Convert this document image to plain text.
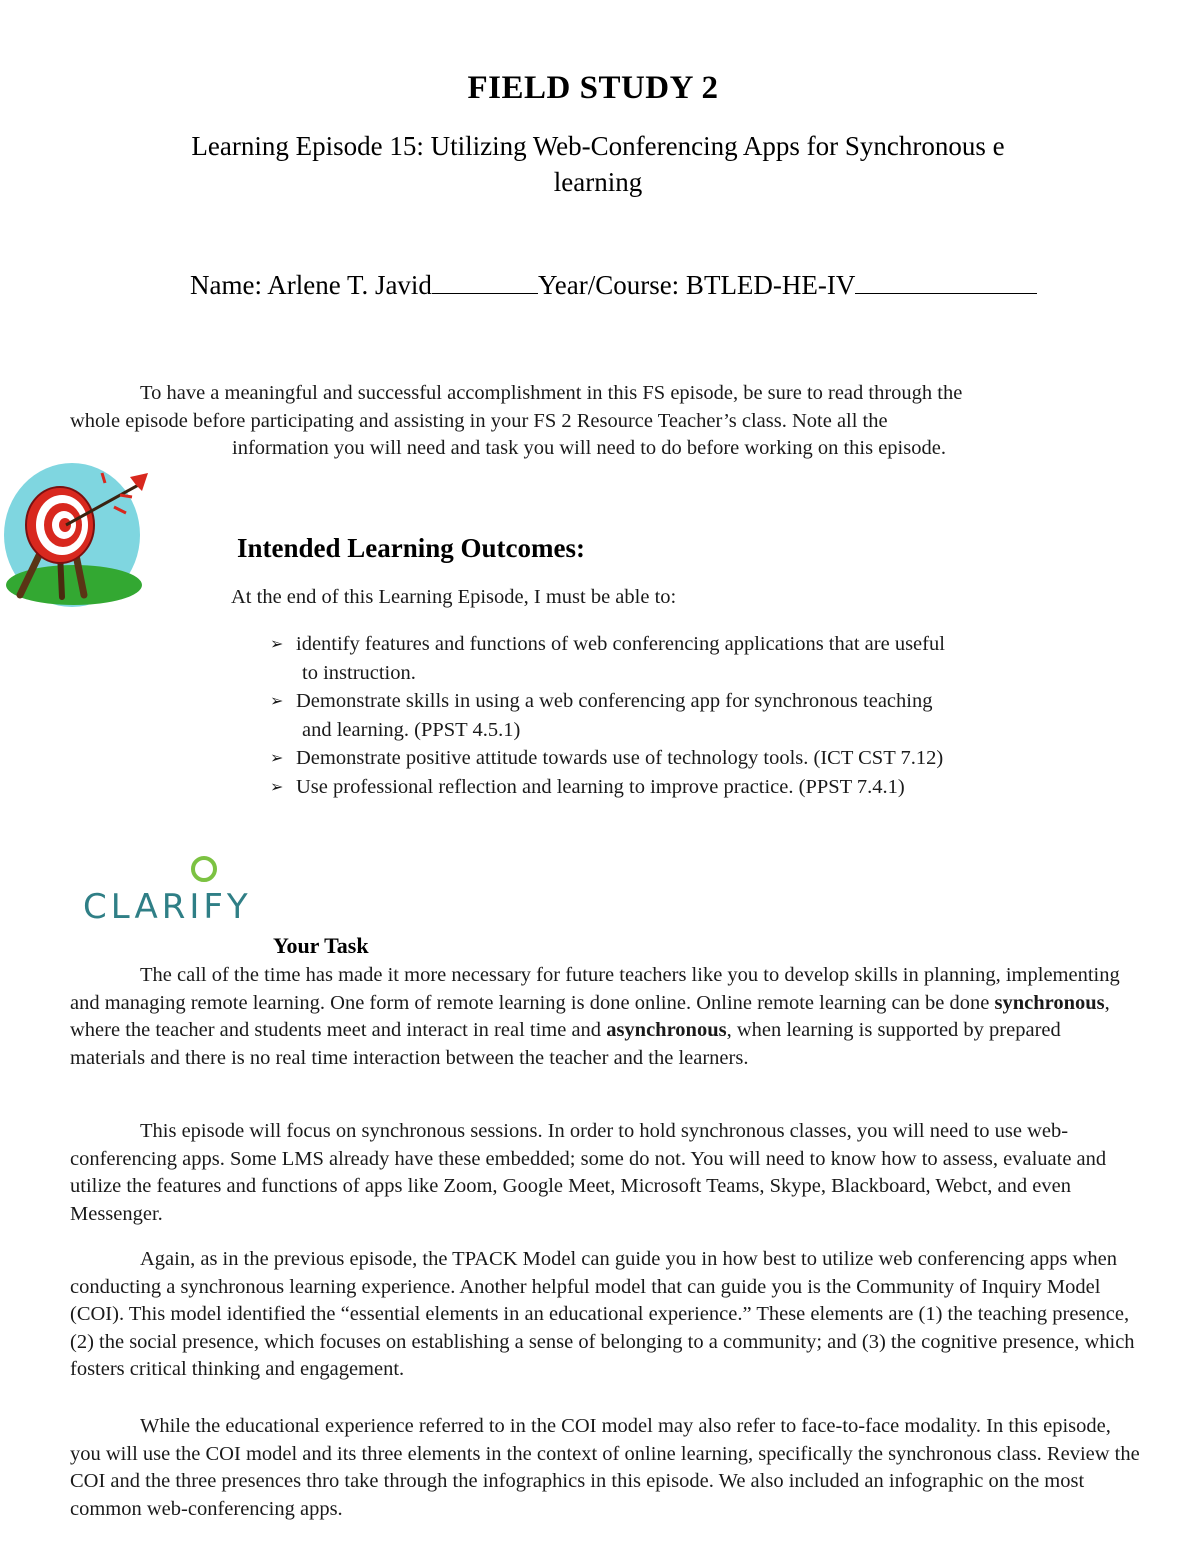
FIELD STUDY 2
Learning Episode 15: Utilizing Web-Conferencing Apps for Synchronous e
learning
Name: Arlene T. Javid	Year/Course: BTLED-HE-IV
To have a meaningful and successful accomplishment in this FS episode, be sure to read through the
whole episode before participating and assisting in your FS 2 Resource Teacher’s class. Note all the
information you will need and task you will need to do before working on this episode.
Intended Learning Outcomes:
At the end of this Learning Episode, I must be able to:
➢ identify features and functions of web conferencing applications that are useful
to instruction.
➢ Demonstrate skills in using a web conferencing app for synchronous teaching
and learning. (PPST 4.5.1)
➢ Demonstrate positive attitude towards use of technology tools. (ICT CST 7.12)
➢ Use professional reflection and learning to improve practice. (PPST 7.4.1)
CLARIFY
Your Task

The call of the time has made it more necessary for future teachers like you to develop skills in planning, implementing and managing remote learning. One form of remote learning is done online. Online remote learning can be done synchronous, where the teacher and students meet and interact in real time and asynchronous, when learning is supported by prepared materials and there is no real time interaction between the teacher and the learners.

This episode will focus on synchronous sessions. In order to hold synchronous classes, you will need to use web-conferencing apps. Some LMS already have these embedded; some do not. You will need to know how to assess, evaluate and utilize the features and functions of apps like Zoom, Google Meet, Microsoft Teams, Skype, Blackboard, Webct, and even Messenger.

Again, as in the previous episode, the TPACK Model can guide you in how best to utilize web conferencing apps when conducting a synchronous learning experience. Another helpful model that can guide you is the Community of Inquiry Model (COI). This model identified the “essential elements in an educational experience.” These elements are (1) the teaching presence, (2) the social presence, which focuses on establishing a sense of belonging to a community; and (3) the cognitive presence, which fosters critical thinking and engagement.

While the educational experience referred to in the COI model may also refer to face-to-face modality. In this episode, you will use the COI model and its three elements in the context of online learning, specifically the synchronous class. Review the COI and the three presences thro take through the infographics in this episode. We also included an infographic on the most common web-conferencing apps.
